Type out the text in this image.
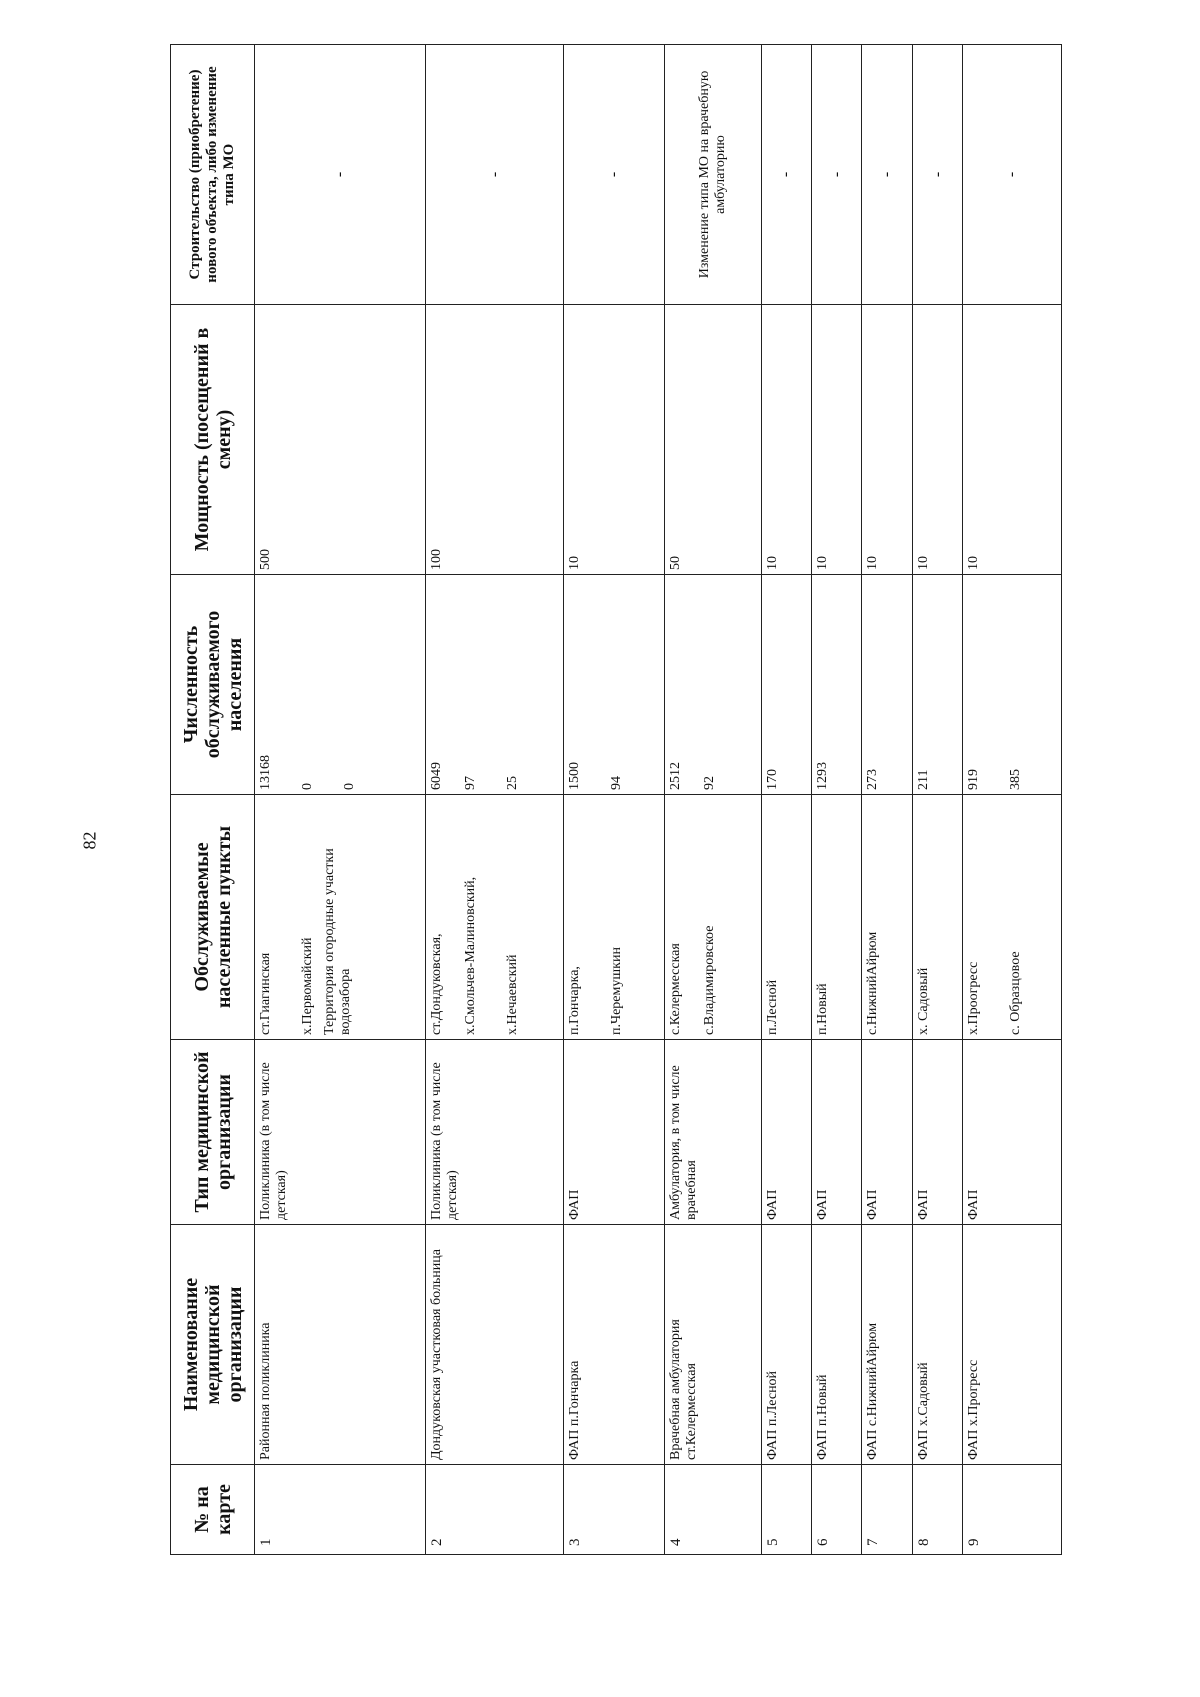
82
№ на карте	Наименование медицинской организации	Тип медицинской организации	Обслуживаемые населенные пункты	Численность обслуживаемого населения	Мощность (посещений в смену)	Строительство (приобретение) нового объекта, либо изменение типа МО
1	Районная поликлиника	Поликлиника (в том числе детская)	ст.Гиагинская х.Первомайский Территория огородные участки водозабора	13168 0 0	500	-
2	Дондуковская участковая больница	Поликлиника (в том числе детская)	ст.Дондуковская, х.Смольчев-Малиновский, х.Нечаевский	6049 97 25	100	-
3	ФАП п.Гончарка	ФАП	п.Гончарка, п.Черемушкин	1500 94	10	-
4	Врачебная амбулатория ст.Келермесская	Амбулатория, в том числе врачебная	с.Келермесская с.Владимировское	2512 92	50	Изменение типа МО на врачебную амбулаторию
5	ФАП п.Лесной	ФАП	п.Лесной	170	10	-
6	ФАП п.Новый	ФАП	п.Новый	1293	10	-
7	ФАП с.НижнийАйрюм	ФАП	с.НижнийАйрюм	273	10	-
8	ФАП х.Садовый	ФАП	х. Садовый	211	10	-
9	ФАП х.Прогресс	ФАП	х.Проогресс с. Образцовое	919 385	10	-
